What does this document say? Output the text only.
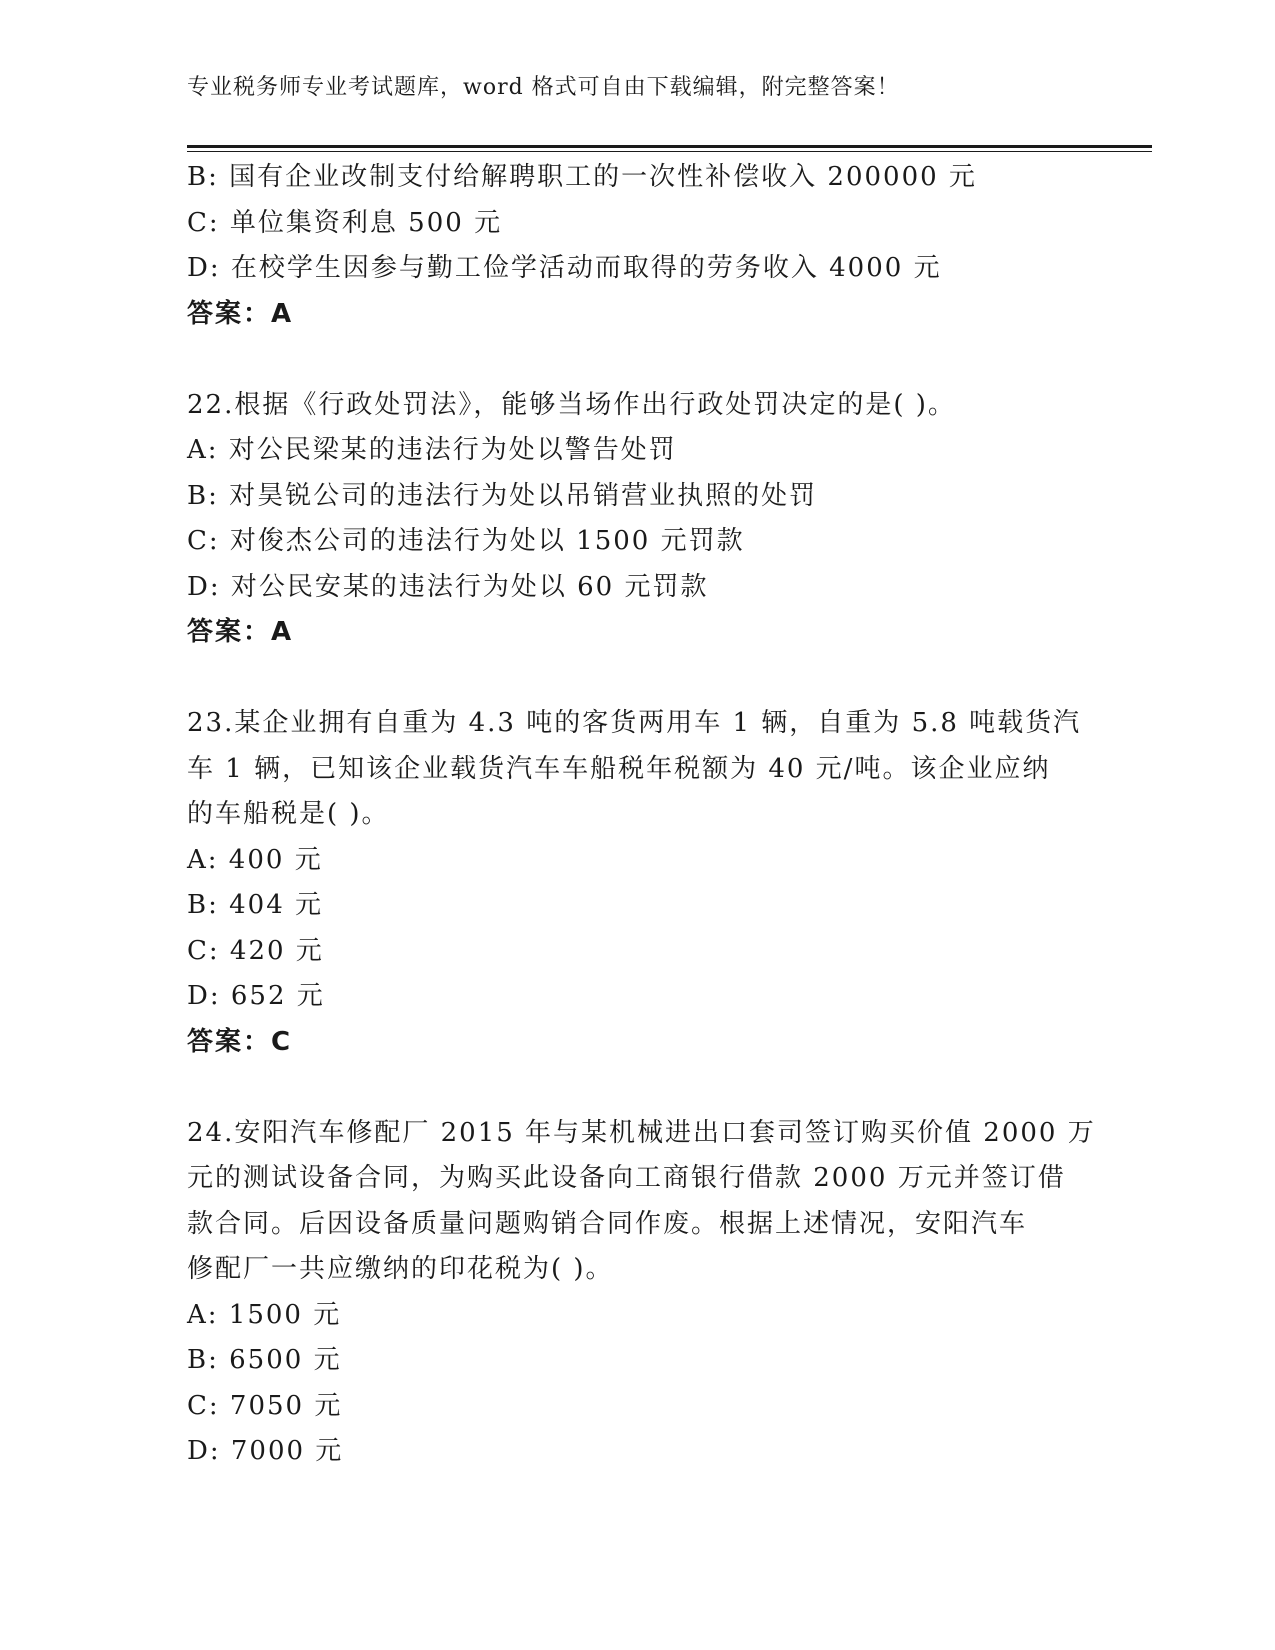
专业税务师专业考试题库，word 格式可自由下载编辑，附完整答案！
B: 国有企业改制支付给解聘职工的一次性补偿收入 200000 元
C: 单位集资利息 500 元
D: 在校学生因参与勤工俭学活动而取得的劳务收入 4000 元
答案：A
22.根据《行政处罚法》，能够当场作出行政处罚决定的是( )。
A: 对公民梁某的违法行为处以警告处罚
B: 对昊锐公司的违法行为处以吊销营业执照的处罚
C: 对俊杰公司的违法行为处以 1500 元罚款
D: 对公民安某的违法行为处以 60 元罚款
答案：A
23.某企业拥有自重为 4.3 吨的客货两用车 1 辆，自重为 5.8 吨载货汽
车 1 辆，已知该企业载货汽车车船税年税额为 40 元/吨。该企业应纳
的车船税是( )。
A: 400 元
B: 404 元
C: 420 元
D: 652 元
答案：C
24.安阳汽车修配厂 2015 年与某机械进出口套司签订购买价值 2000 万
元的测试设备合同，为购买此设备向工商银行借款 2000 万元并签订借
款合同。后因设备质量问题购销合同作废。根据上述情况，安阳汽车
修配厂一共应缴纳的印花税为( )。
A: 1500 元
B: 6500 元
C: 7050 元
D: 7000 元
